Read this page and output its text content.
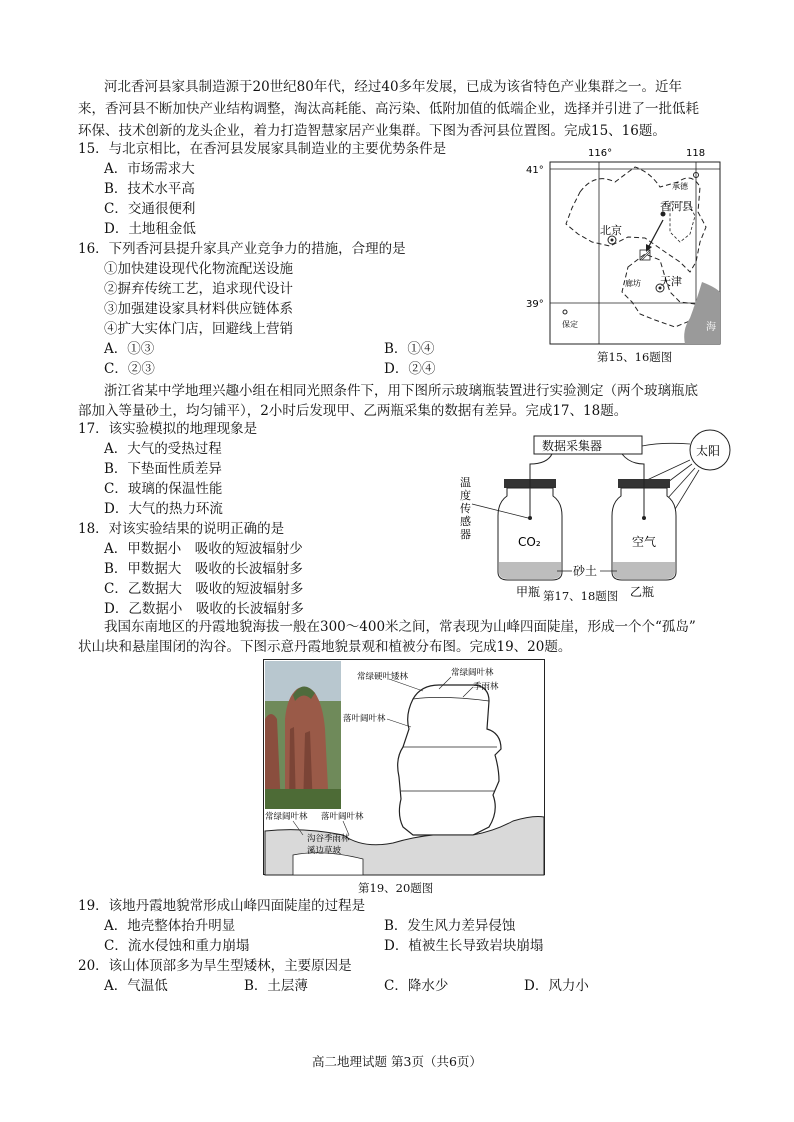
河北香河县家具制造源于20世纪80年代，经过40多年发展，已成为该省特色产业集群之一。近年
来，香河县不断加快产业结构调整，淘汰高耗能、高污染、低附加值的低端企业，选择并引进了一批低耗
环保、技术创新的龙头企业，着力打造智慧家居产业集群。下图为香河县位置图。完成15、16题。
15．与北京相比，在香河县发展家具制造业的主要优势条件是
A．市场需求大
B．技术水平高
C．交通很便利
D．土地租金低
16．下列香河县提升家具产业竞争力的措施，合理的是
①加快建设现代化物流配送设施
②摒弃传统工艺，追求现代设计
③加强建设家具材料供应链体系
④扩大实体门店，回避线上营销
A．①③	B．①④
C．②③	D．②④
116°	118
41°
39°
海
承德
香河县
北京
廊坊 天津
保定
第15、16题图
浙江省某中学地理兴趣小组在相同光照条件下，用下图所示玻璃瓶装置进行实验测定（两个玻璃瓶底
部加入等量砂土，均匀铺平），2小时后发现甲、乙两瓶采集的数据有差异。完成17、18题。
17．该实验模拟的地理现象是
A．大气的受热过程
B．下垫面性质差异
C．玻璃的保温性能
D．大气的热力环流
18．对该实验结果的说明正确的是
A．甲数据小　吸收的短波辐射少
B．甲数据大　吸收的长波辐射多
C．乙数据大　吸收的短波辐射多
D．乙数据小　吸收的长波辐射多
数据采集器	太阳
CO₂	空气
温度传感器
砂土
甲瓶	乙瓶
第17、18题图
我国东南地区的丹霞地貌海拔一般在300～400米之间，常表现为山峰四面陡崖，形成一个个“孤岛”
状山块和悬崖围闭的沟谷。下图示意丹霞地貌景观和植被分布图。完成19、20题。
常绿硬叶矮林	常绿阔叶林
季雨林
落叶阔叶林
常绿阔叶林 落叶阔叶林
沟谷季雨林
溪边草坡
第19、20题图
19．该地丹霞地貌常形成山峰四面陡崖的过程是
A．地壳整体抬升明显	B．发生风力差异侵蚀
C．流水侵蚀和重力崩塌	D．植被生长导致岩块崩塌
20．该山体顶部多为旱生型矮林，主要原因是
A．气温低	B．土层薄	C．降水少	D．风力小
高二地理试题 第3页（共6页）
